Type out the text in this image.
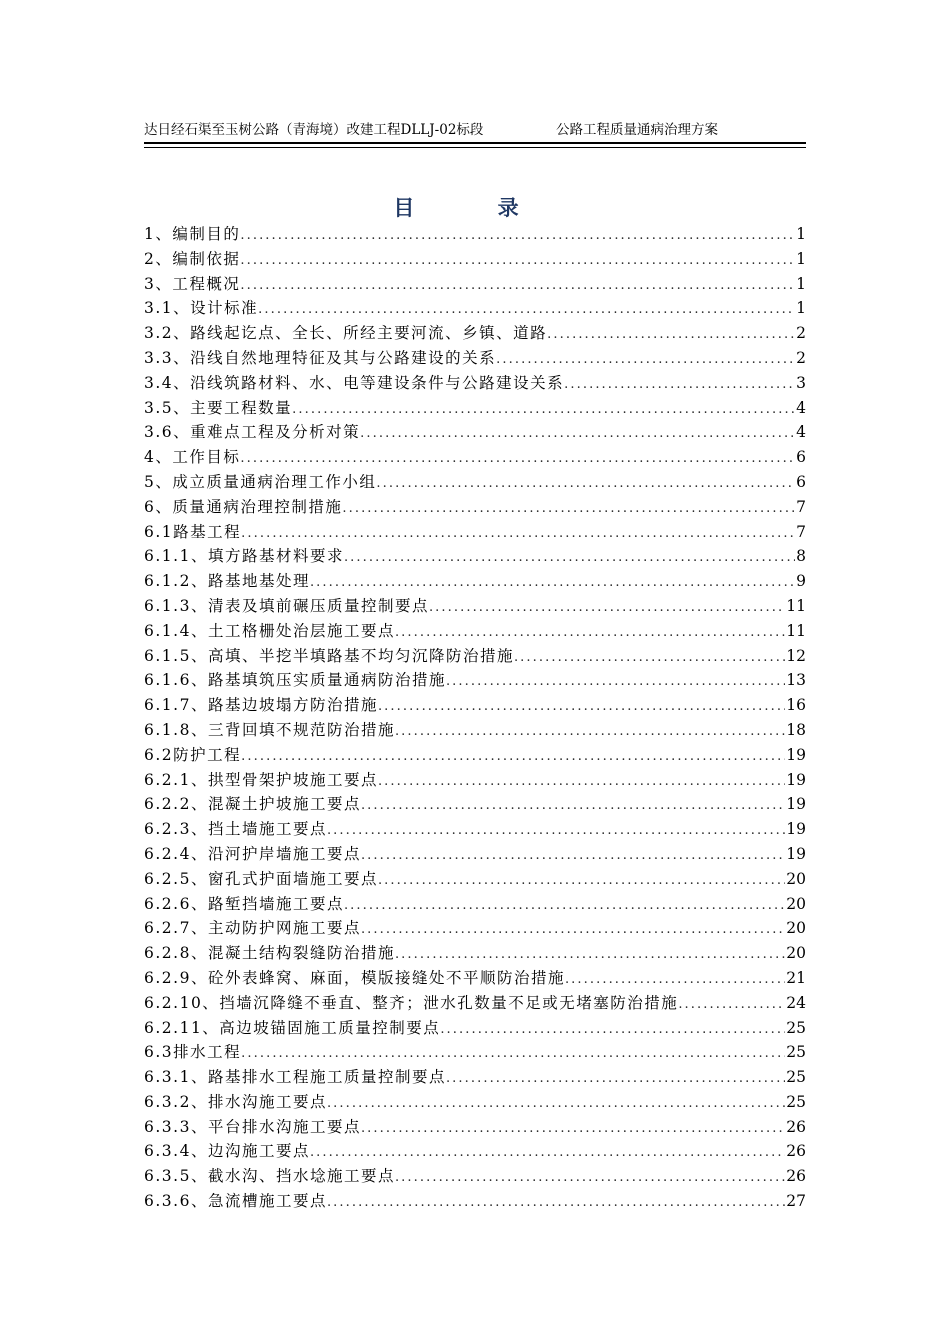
达日经石渠至玉树公路（青海境）改建工程DLLJ-02标段	公路工程质量通病治理方案
目 录
1、编制目的 .....	1
2、编制依据 .....	1
3、工程概况 .....	1
3.1、设计标准 .....	1
3.2、路线起讫点、全长、所经主要河流、乡镇、道路 .....	2
3.3、沿线自然地理特征及其与公路建设的关系 .....	2
3.4、沿线筑路材料、水、电等建设条件与公路建设关系 .....	3
3.5、主要工程数量 .....	4
3.6、重难点工程及分析对策 .....	4
4、工作目标 .....	6
5、成立质量通病治理工作小组 .....	6
6、质量通病治理控制措施 .....	7
6.1路基工程 .....	7
6.1.1、填方路基材料要求 .....	8
6.1.2、路基地基处理 .....	9
6.1.3、清表及填前碾压质量控制要点 .....	11
6.1.4、土工格栅处治层施工要点 .....	11
6.1.5、高填、半挖半填路基不均匀沉降防治措施 .....	12
6.1.6、路基填筑压实质量通病防治措施 .....	13
6.1.7、路基边坡塌方防治措施 .....	16
6.1.8、三背回填不规范防治措施 .....	18
6.2防护工程 .....	19
6.2.1、拱型骨架护坡施工要点 .....	19
6.2.2、混凝土护坡施工要点 .....	19
6.2.3、挡土墙施工要点 .....	19
6.2.4、沿河护岸墙施工要点 .....	19
6.2.5、窗孔式护面墙施工要点 .....	20
6.2.6、路堑挡墙施工要点 .....	20
6.2.7、主动防护网施工要点 .....	20
6.2.8、混凝土结构裂缝防治措施 .....	20
6.2.9、砼外表蜂窝、麻面，模版接缝处不平顺防治措施 .....	21
6.2.10、挡墙沉降缝不垂直、整齐；泄水孔数量不足或无堵塞防治措施 .....	24
6.2.11、高边坡锚固施工质量控制要点 .....	25
6.3排水工程 .....	25
6.3.1、路基排水工程施工质量控制要点 .....	25
6.3.2、排水沟施工要点 .....	25
6.3.3、平台排水沟施工要点 .....	26
6.3.4、边沟施工要点 .....	26
6.3.5、截水沟、挡水埝施工要点 .....	26
6.3.6、急流槽施工要点 .....	27
